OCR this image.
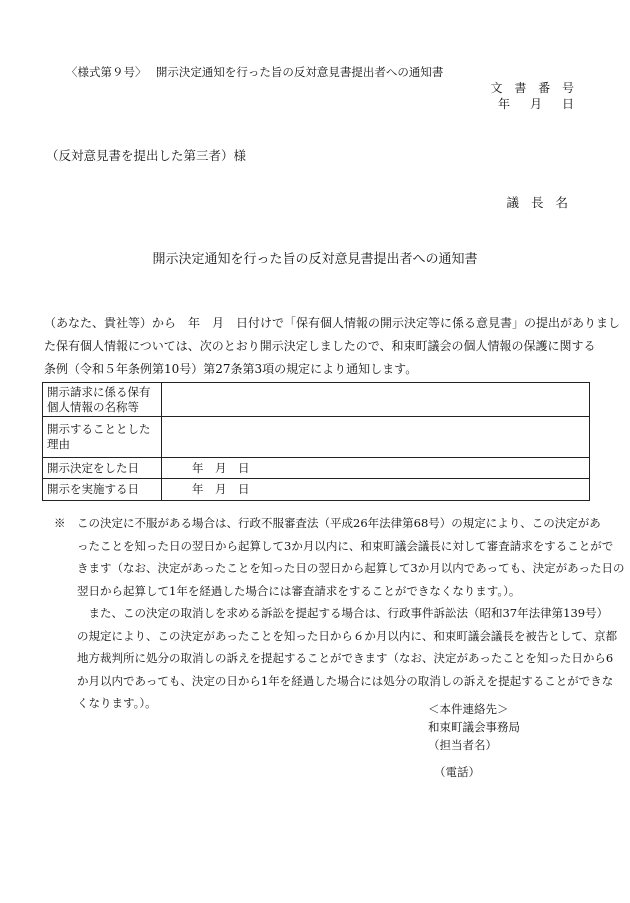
〈様式第９号〉　 開示決定通知を行った旨の反対意見書提出者への通知書
文 書 番 号
年　月　日
（反対意見書を提出した第三者）様
議 長 名
開示決定通知を行った旨の反対意見書提出者への通知書
（あなた、貴社等）から　年　月　日付けで「保有個人情報の開示決定等に係る意見書」の提出がありまし
た保有個人情報については、次のとおり開示決定しましたので、和束町議会の個人情報の保護に関する
条例（令和５年条例第10号）第27条第3項の規定により通知します。
開示請求に係る保有
個人情報の名称等	

開示することとした
理由	

開示決定をした日	年　月　日

開示を実施する日	年　月　日
※　この決定に不服がある場合は、行政不服審査法（平成26年法律第68号）の規定により、この決定があ
　　ったことを知った日の翌日から起算して3か月以内に、和束町議会議長に対して審査請求をすることがで
　　きます（なお、決定があったことを知った日の翌日から起算して3か月以内であっても、決定があった日の
　　翌日から起算して1年を経過した場合には審査請求をすることができなくなります。）。
　　　また、この決定の取消しを求める訴訟を提起する場合は、行政事件訴訟法（昭和37年法律第139号）
　　の規定により、この決定があったことを知った日から６か月以内に、和束町議会議長を被告として、京都
　　地方裁判所に処分の取消しの訴えを提起することができます（なお、決定があったことを知った日から6
　　か月以内であっても、決定の日から1年を経過した場合には処分の取消しの訴えを提起することができな
　　くなります。）。	＜本件連絡先＞
和束町議会事務局
（担当者名）
（電話）
